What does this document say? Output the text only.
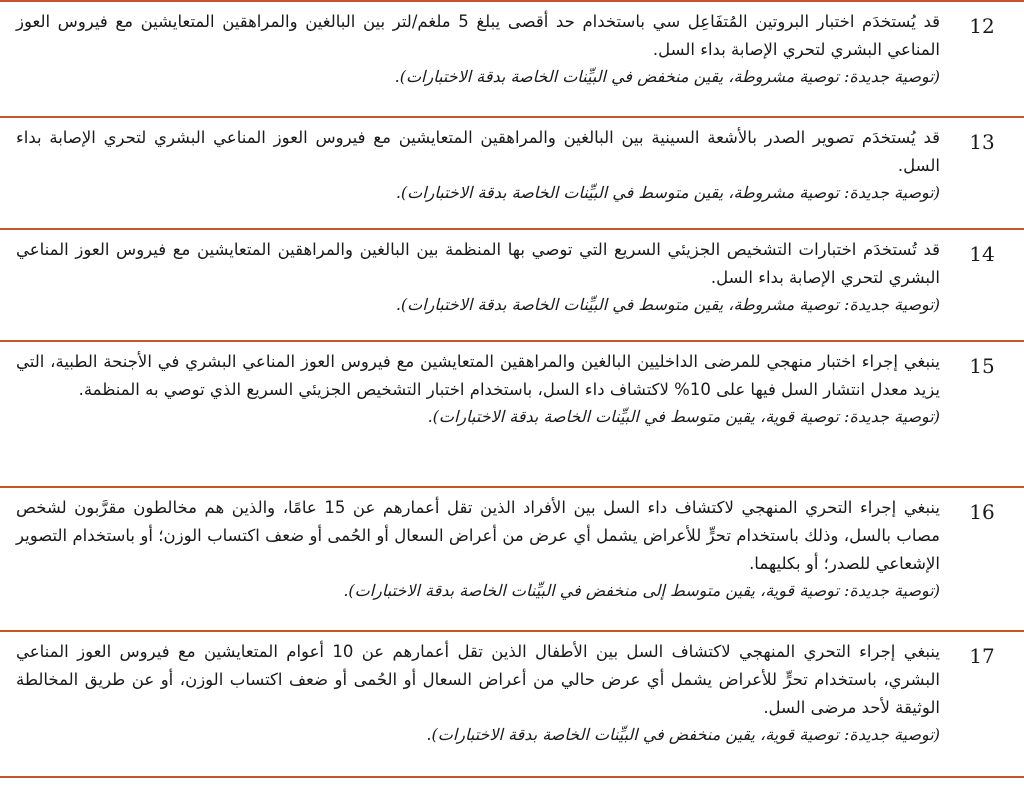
12

قد يُستخدَم اختبار البروتين المُتفَاعِل سي باستخدام حد أقصى يبلغ 5 ملغم/لتر بين البالغين والمراهقين المتعايشين مع فيروس العوز المناعي البشري لتحري الإصابة بداء السل.

(توصية جديدة: توصية مشروطة، يقين منخفض في البيِّنات الخاصة بدقة الاختبارات).

13

قد يُستخدَم تصوير الصدر بالأشعة السينية بين البالغين والمراهقين المتعايشين مع فيروس العوز المناعي البشري لتحري الإصابة بداء السل.

(توصية جديدة: توصية مشروطة، يقين متوسط في البيِّنات الخاصة بدقة الاختبارات).

14

قد تُستخدَم اختبارات التشخيص الجزيئي السريع التي توصي بها المنظمة بين البالغين والمراهقين المتعايشين مع فيروس العوز المناعي البشري لتحري الإصابة بداء السل.

(توصية جديدة: توصية مشروطة، يقين متوسط في البيِّنات الخاصة بدقة الاختبارات).

15

ينبغي إجراء اختبار منهجي للمرضى الداخليين البالغين والمراهقين المتعايشين مع فيروس العوز المناعي البشري في الأجنحة الطبية، التي يزيد معدل انتشار السل فيها على 10% لاكتشاف داء السل، باستخدام اختبار التشخيص الجزيئي السريع الذي توصي به المنظمة.

(توصية جديدة: توصية قوية، يقين متوسط في البيِّنات الخاصة بدقة الاختبارات).

16

ينبغي إجراء التحري المنهجي لاكتشاف داء السل بين الأفراد الذين تقل أعمارهم عن 15 عامًا، والذين هم مخالطون مقرَّبون لشخص مصاب بالسل، وذلك باستخدام تحرٍّ للأعراض يشمل أي عرض من أعراض السعال أو الحُمى أو ضعف اكتساب الوزن؛ أو باستخدام التصوير الإشعاعي للصدر؛ أو بكليهما.

(توصية جديدة: توصية قوية، يقين متوسط إلى منخفض في البيِّنات الخاصة بدقة الاختبارات).

17

ينبغي إجراء التحري المنهجي لاكتشاف السل بين الأطفال الذين تقل أعمارهم عن 10 أعوام المتعايشين مع فيروس العوز المناعي البشري، باستخدام تحرٍّ للأعراض يشمل أي عرض حالي من أعراض السعال أو الحُمى أو ضعف اكتساب الوزن، أو عن طريق المخالطة الوثيقة لأحد مرضى السل.

(توصية جديدة: توصية قوية، يقين منخفض في البيِّنات الخاصة بدقة الاختبارات).
